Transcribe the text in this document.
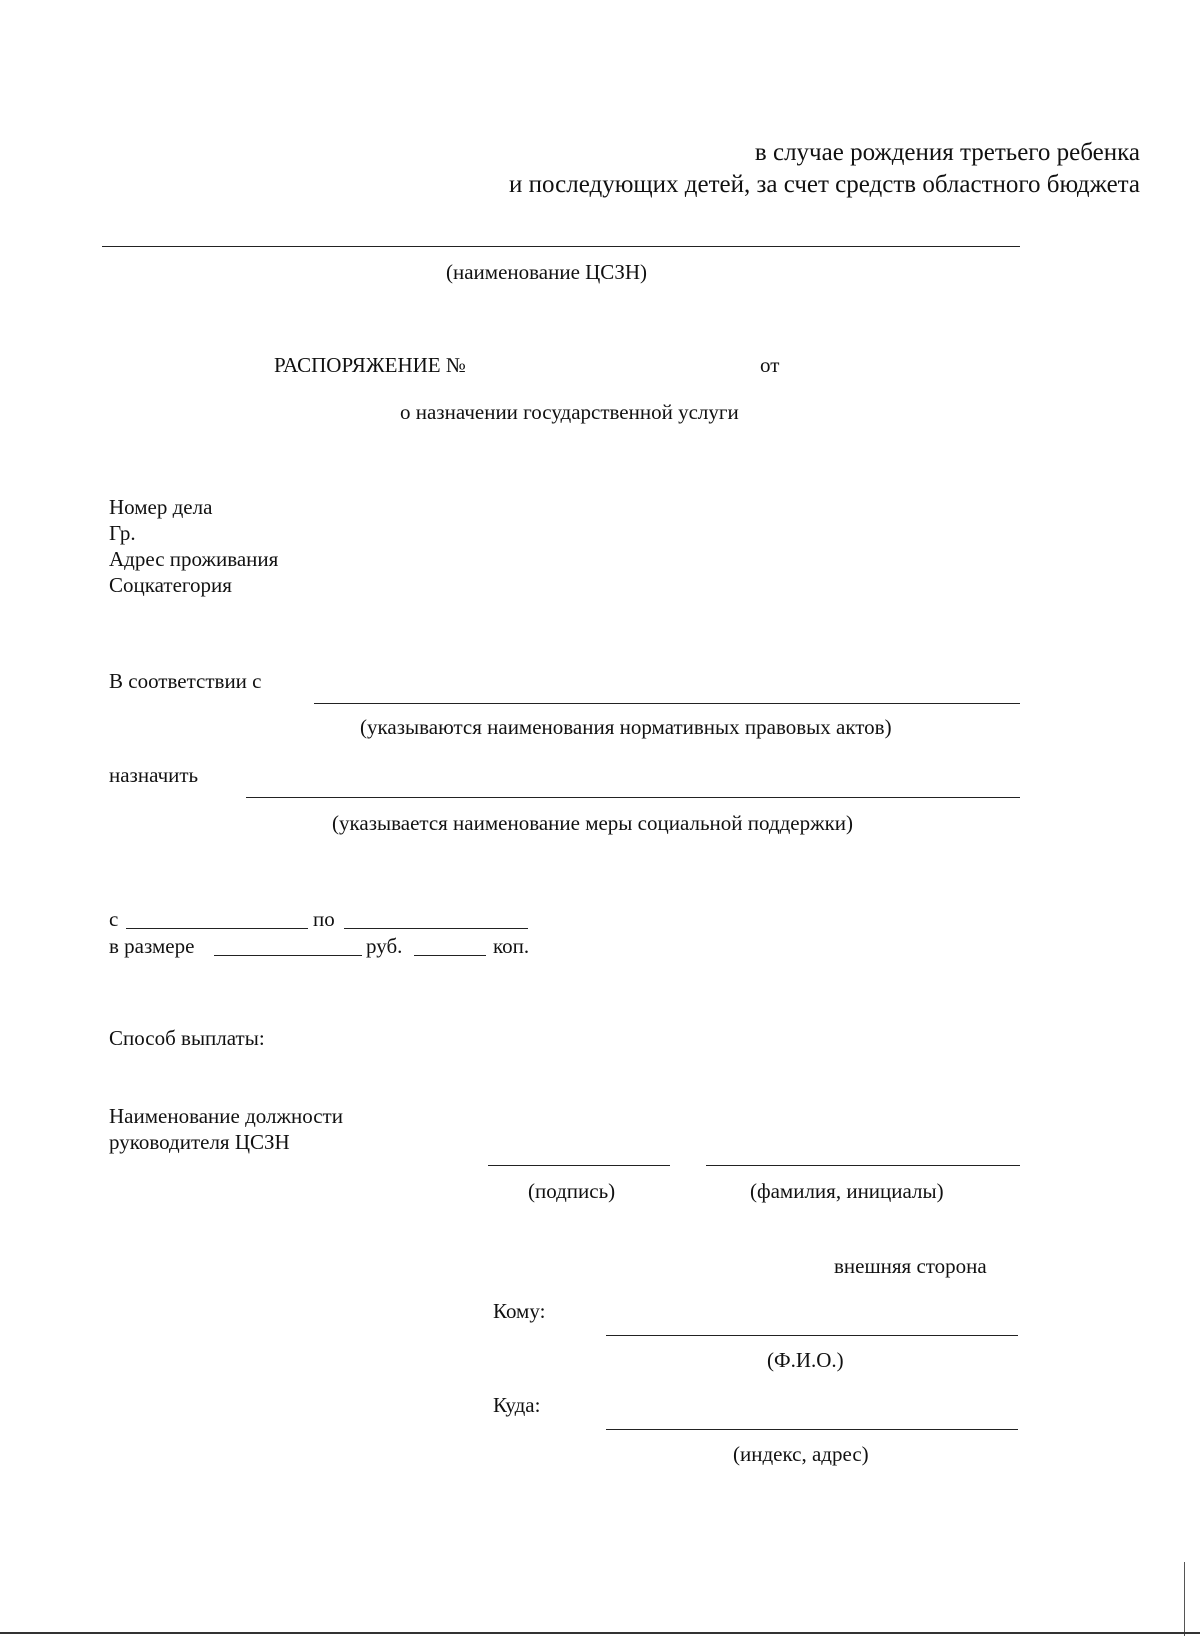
в случае рождения третьего ребенка
и последующих детей, за счет средств областного бюджета
(наименование ЦСЗН)
РАСПОРЯЖЕНИЕ №	от
о назначении государственной услуги
Номер дела
Гр.
Адрес проживания
Соцкатегория
В соответствии с
(указываются наименования нормативных правовых актов)
назначить
(указывается наименование меры социальной поддержки)
с	по
в размере	руб.	коп.
Способ выплаты:
Наименование должности
руководителя ЦСЗН
(подпись)	(фамилия, инициалы)
внешняя сторона
Кому:
(Ф.И.О.)
Куда:
(индекс, адрес)
